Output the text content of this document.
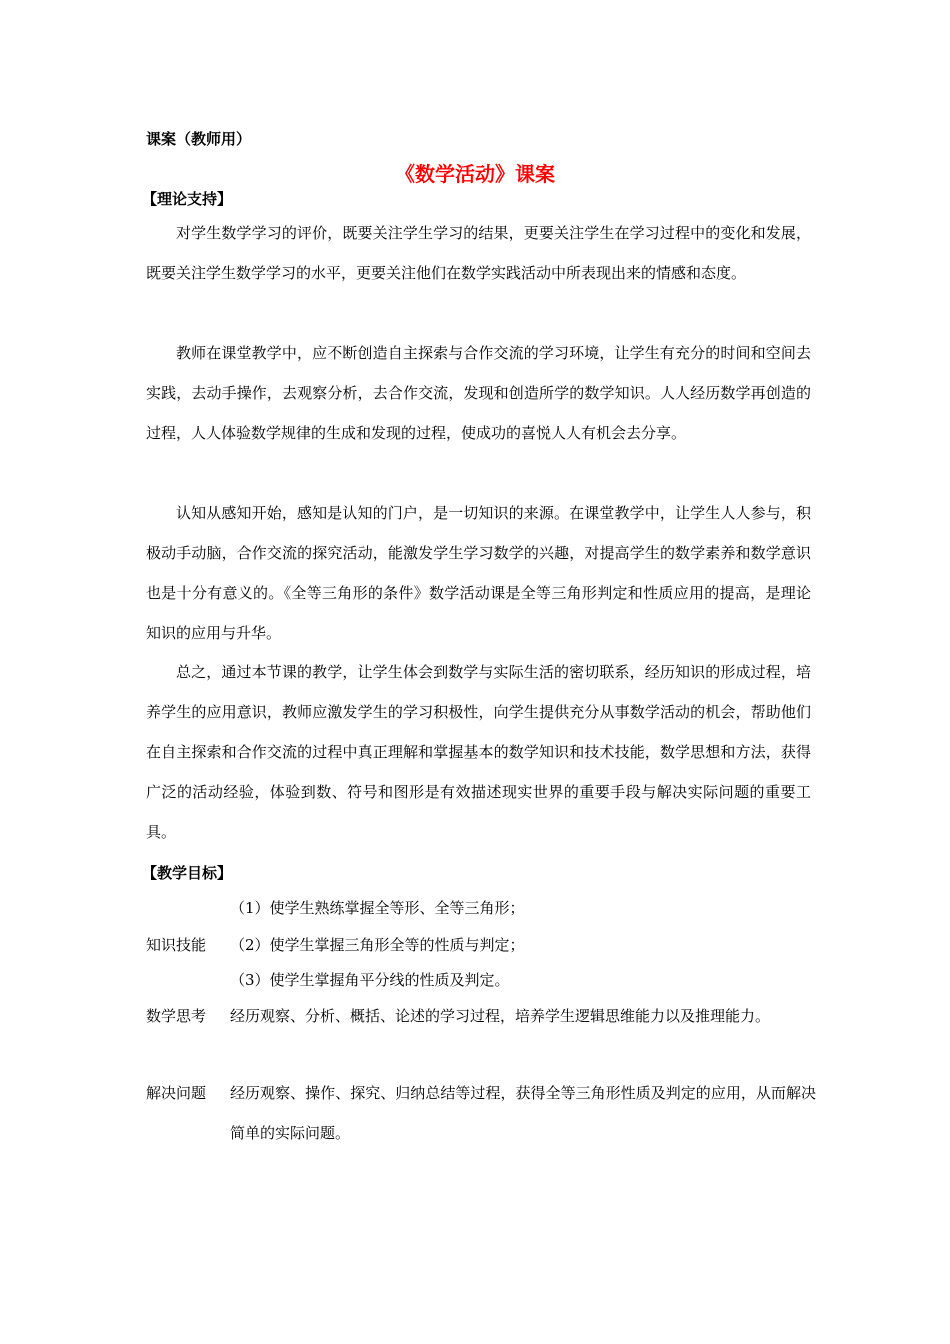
课案（教师用）
《数学活动》课案
【理论支持】

对学生数学学习的评价，既要关注学生学习的结果，更要关注学生在学习过程中的变化和发展，既要关注学生数学学习的水平，更要关注他们在数学实践活动中所表现出来的情感和态度。

教师在课堂教学中，应不断创造自主探索与合作交流的学习环境，让学生有充分的时间和空间去实践，去动手操作，去观察分析，去合作交流，发现和创造所学的数学知识。人人经历数学再创造的过程，人人体验数学规律的生成和发现的过程，使成功的喜悦人人有机会去分享。

认知从感知开始，感知是认知的门户，是一切知识的来源。在课堂教学中，让学生人人参与，积极动手动脑，合作交流的探究活动，能激发学生学习数学的兴趣，对提高学生的数学素养和数学意识也是十分有意义的。《全等三角形的条件》数学活动课是全等三角形判定和性质应用的提高，是理论知识的应用与升华。

总之，通过本节课的教学，让学生体会到数学与实际生活的密切联系，经历知识的形成过程，培养学生的应用意识，教师应激发学生的学习积极性，向学生提供充分从事数学活动的机会，帮助他们在自主探索和合作交流的过程中真正理解和掌握基本的数学知识和技术技能，数学思想和方法，获得广泛的活动经验，体验到数、符号和图形是有效描述现实世界的重要手段与解决实际问题的重要工具。

【教学目标】
（1）使学生熟练掌握全等形、全等三角形；
知识技能	（2）使学生掌握三角形全等的性质与判定；
（3）使学生掌握角平分线的性质及判定。
数学思考	经历观察、分析、概括、论述的学习过程，培养学生逻辑思维能力以及推理能力。

解决问题	经历观察、操作、探究、归纳总结等过程，获得全等三角形性质及判定的应用，从而解决简单的实际问题。
